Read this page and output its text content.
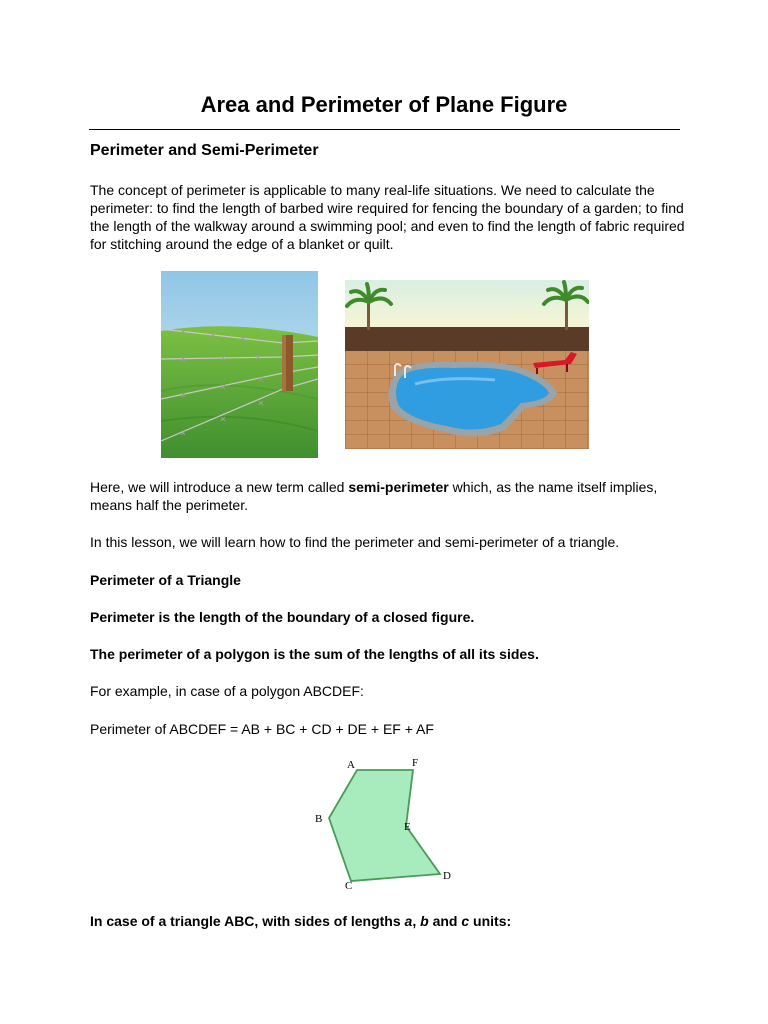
Area and Perimeter of Plane Figure
Perimeter and Semi-Perimeter

The concept of perimeter is applicable to many real-life situations. We need to calculate the perimeter: to find the length of barbed wire required for fencing the boundary of a garden; to find the length of the walkway around a swimming pool; and even to find the length of fabric required for stitching around the edge of a blanket or quilt.

Here, we will introduce a new term called semi-perimeter which, as the name itself implies, means half the perimeter.

In this lesson, we will learn how to find the perimeter and semi-perimeter of a triangle.

Perimeter of a Triangle

Perimeter is the length of the boundary of a closed figure.

The perimeter of a polygon is the sum of the lengths of all its sides.

For example, in case of a polygon ABCDEF:

Perimeter of ABCDEF = AB + BC + CD + DE + EF + AF

A	F
B
E
D
C

In case of a triangle ABC, with sides of lengths a, b and c units:
